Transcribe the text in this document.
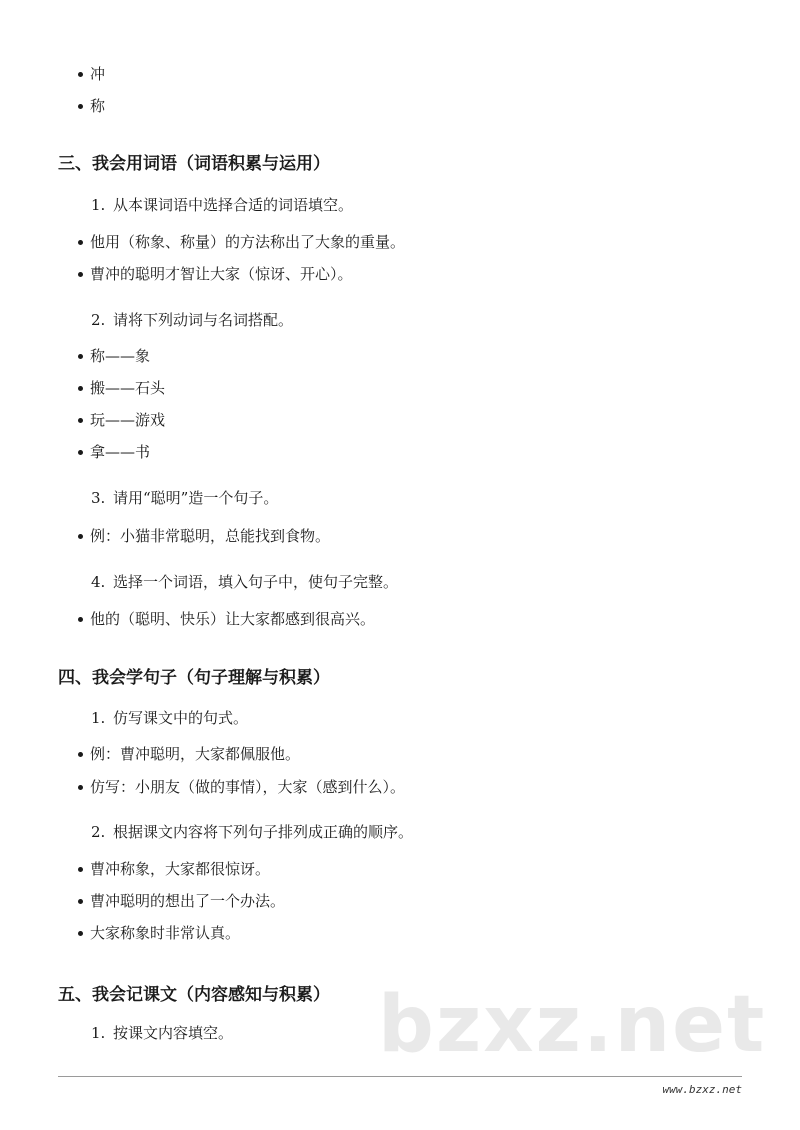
冲
称
三、我会用词语（词语积累与运用）
1. 从本课词语中选择合适的词语填空。
他用（称象、称量）的方法称出了大象的重量。
曹冲的聪明才智让大家（惊讶、开心）。
2. 请将下列动词与名词搭配。
称——象
搬——石头
玩——游戏
拿——书
3. 请用“聪明”造一个句子。
例：小猫非常聪明，总能找到食物。
4. 选择一个词语，填入句子中，使句子完整。
他的（聪明、快乐）让大家都感到很高兴。
四、我会学句子（句子理解与积累）
1. 仿写课文中的句式。
例：曹冲聪明，大家都佩服他。
仿写：小朋友（做的事情），大家（感到什么）。
2. 根据课文内容将下列句子排列成正确的顺序。
曹冲称象，大家都很惊讶。
曹冲聪明的想出了一个办法。
大家称象时非常认真。
五、我会记课文（内容感知与积累） bzxz.net
1. 按课文内容填空。
www.bzxz.net
